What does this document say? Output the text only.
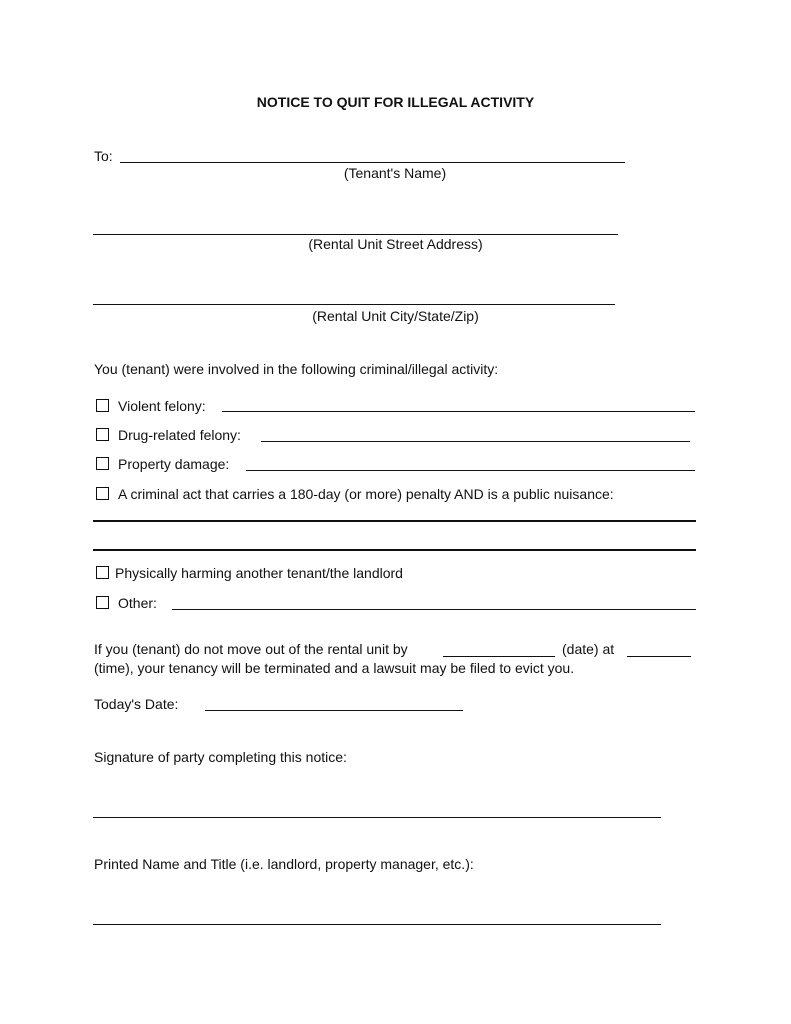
NOTICE TO QUIT FOR ILLEGAL ACTIVITY
To:
(Tenant's Name)
(Rental Unit Street Address)
(Rental Unit City/State/Zip)
You (tenant) were involved in the following criminal/illegal activity:
Violent felony:
Drug-related felony:
Property damage:
A criminal act that carries a 180-day (or more) penalty AND is a public nuisance:
Physically harming another tenant/the landlord
Other:
If you (tenant) do not move out of the rental unit by	(date) at
(time), your tenancy will be terminated and a lawsuit may be filed to evict you.
Today's Date:
Signature of party completing this notice:
Printed Name and Title (i.e. landlord, property manager, etc.):
